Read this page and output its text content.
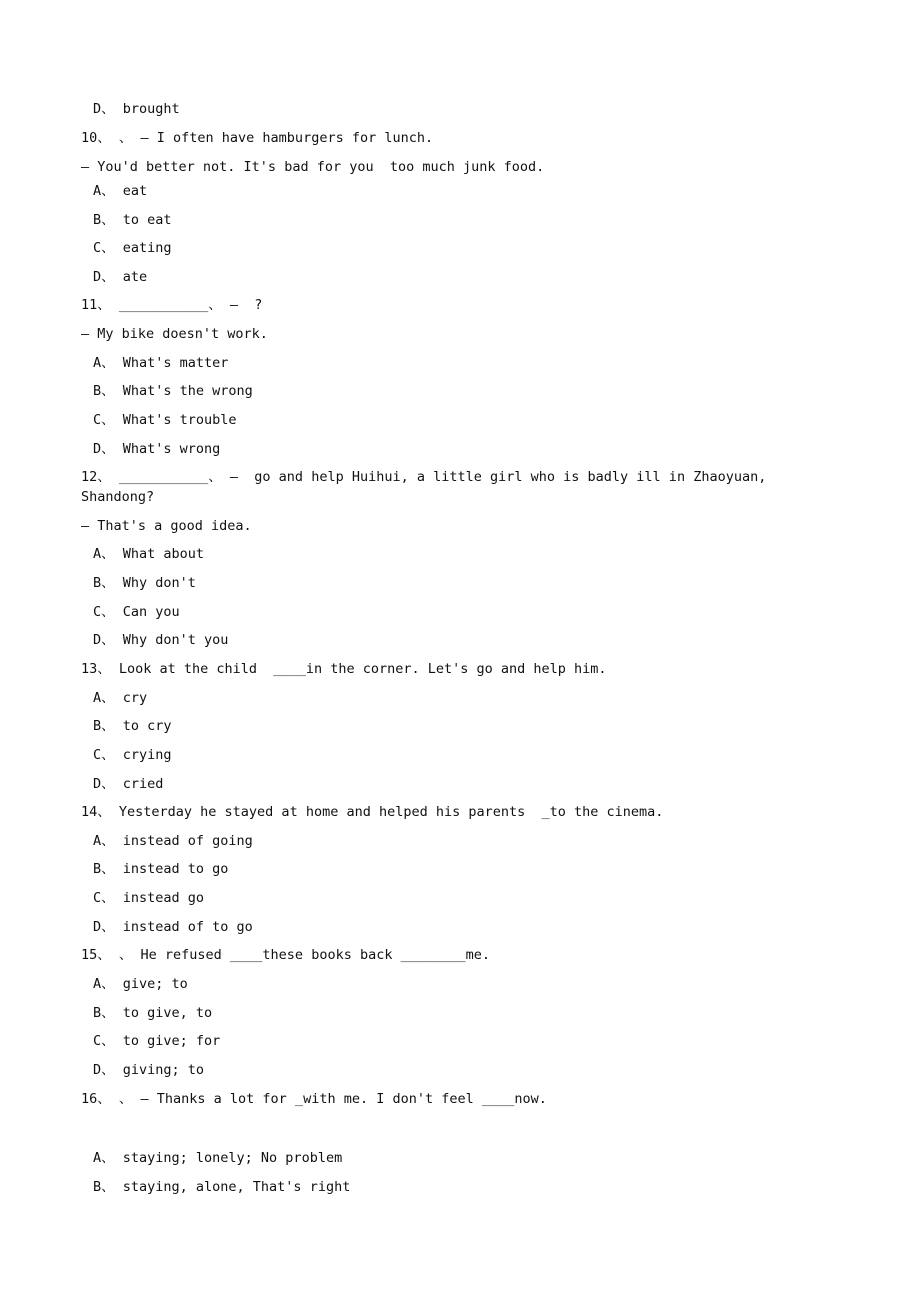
D、 brought
10、 、 — I often have hamburgers for lunch.
— You'd better not. It's bad for you  too much junk food.
A、 eat
B、 to eat
C、 eating
D、 ate
11、 ___________、 —  ?
— My bike doesn't work.
A、 What's matter
B、 What's the wrong
C、 What's trouble
D、 What's wrong
12、 ___________、 —  go and help Huihui, a little girl who is badly ill in Zhaoyuan,
Shandong?
— That's a good idea.
A、 What about
B、 Why don't
C、 Can you
D、 Why don't you
13、 Look at the child  ____in the corner. Let's go and help him.
A、 cry
B、 to cry
C、 crying
D、 cried
14、 Yesterday he stayed at home and helped his parents  _to the cinema.
A、 instead of going
B、 instead to go
C、 instead go
D、 instead of to go
15、 、 He refused ____these books back ________me.
A、 give; to
B、 to give, to
C、 to give; for
D、 giving; to
16、 、 — Thanks a lot for _with me. I don't feel ____now.
A、 staying; lonely; No problem
B、 staying, alone, That's right
